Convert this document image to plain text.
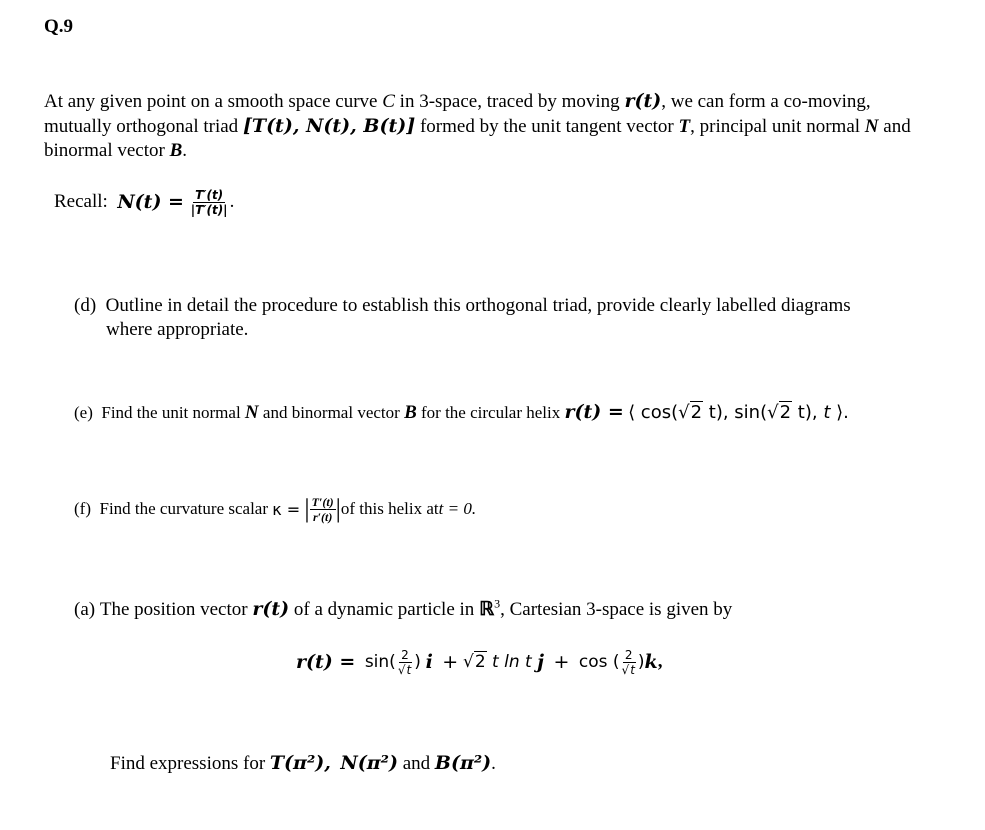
Q.9
At any given point on a smooth space curve C in 3-space, traced by moving r(t), we can form a co-moving,
mutually orthogonal triad [T(t), N(t), B(t)] formed by the unit tangent vector T, principal unit normal N and
binormal vector B.
Recall:
N(t) =
$\frac{T'(t)}{|T'(t)|}$ .
(d) Outline in detail the procedure to establish this orthogonal triad, provide clearly labelled diagrams
where appropriate.
(e) Find the unit normal N and binormal vector B for the circular helix r(t) = ⟨ cos(√2 t), sin(√2 t), t ⟩.
(f)
Find the curvature scalar
κ =
| $\frac{T'(t)}{r'(t)}$ | of this helix at t = 0.
(a) The position vector r(t) of a dynamic particle in ℝ$^3$, Cartesian 3-space is given by
r(t) =
$\sin( \frac{2}{√t}$ )
i
+
√2 t ln t j
+
cos ( $\frac{2}{√t}$ ) k ,
Find expressions for T(π²), N(π²) and B(π²).
